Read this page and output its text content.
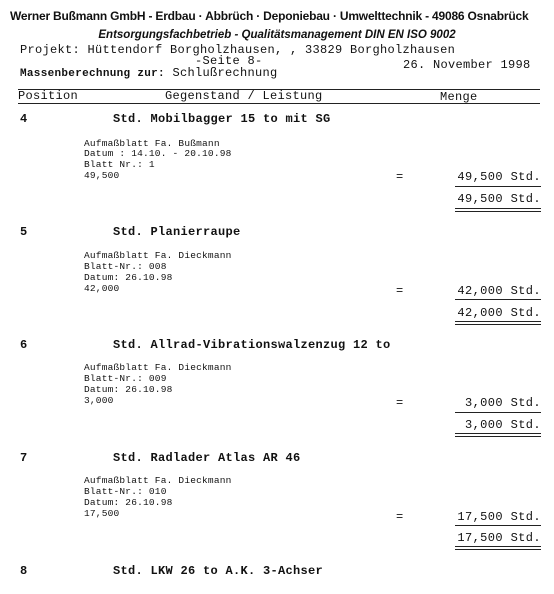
Werner Bußmann GmbH - Erdbau · Abbrüch · Deponiebau · Umwelttechnik - 49086 Osnabrück
Entsorgungsfachbetrieb - Qualitätsmanagement DIN EN ISO 9002
Projekt: Hüttendorf Borgholzhausen, , 33829 Borgholzhausen
-Seite 8-	26. November 1998
Massenberechnung zur: Schlußrechnung
Position	Gegenstand / Leistung	Menge
4	Std. Mobilbagger 15 to mit SG
Aufmaßblatt Fa. Bußmann
Datum : 14.10. - 20.10.98
Blatt Nr.: 1
49,500	=	49,500 Std.
49,500 Std.
5	Std. Planierraupe
Aufmaßblatt Fa. Dieckmann
Blatt-Nr.: 008
Datum: 26.10.98
42,000	=	42,000 Std.
42,000 Std.
6	Std. Allrad-Vibrationswalzenzug 12 to
Aufmaßblatt Fa. Dieckmann
Blatt-Nr.: 009
Datum: 26.10.98
3,000	=	3,000 Std.
3,000 Std.
7	Std. Radlader Atlas AR 46
Aufmaßblatt Fa. Dieckmann
Blatt-Nr.: 010
Datum: 26.10.98
17,500	=	17,500 Std.
17,500 Std.
8	Std. LKW 26 to A.K. 3-Achser
